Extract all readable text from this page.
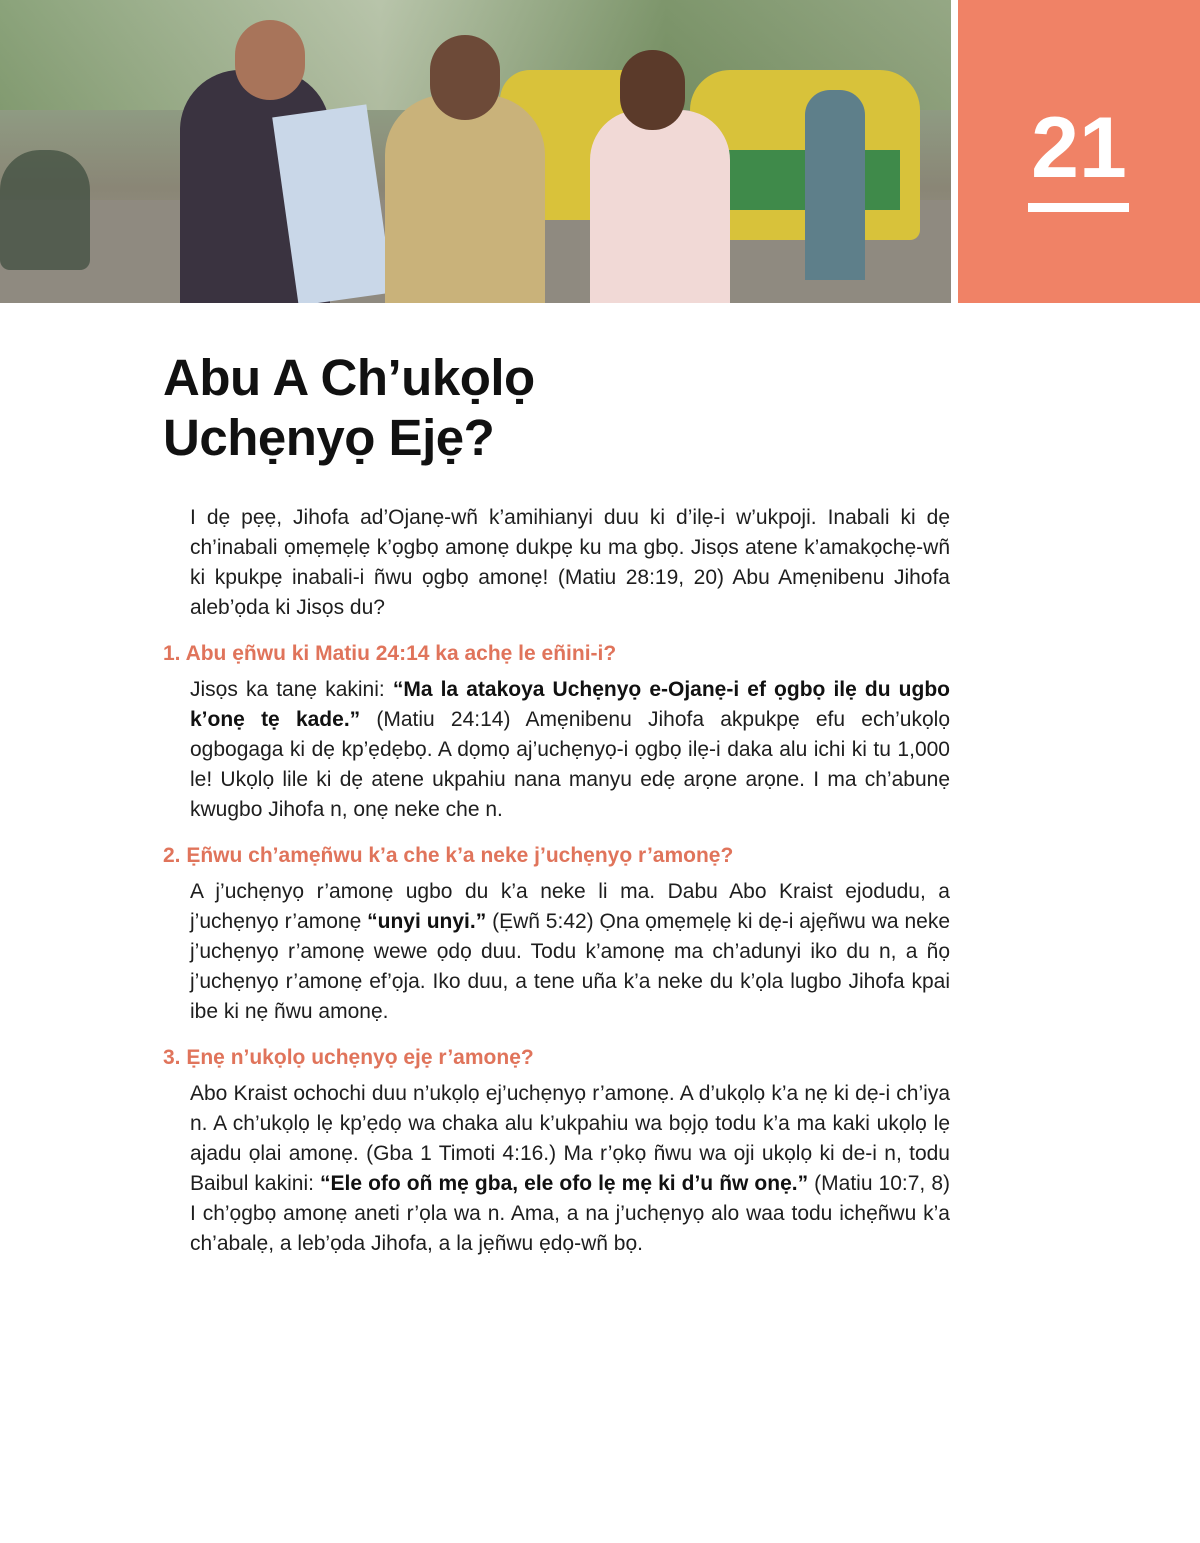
21
Abu A Ch’ukọlọ
Uchẹnyọ Ejẹ?

I dẹ pẹẹ, Jihofa ad’Ojanẹ-wñ k’amihianyi duu ki d’ilẹ-i w’ukpoji. Inabali ki dẹ ch’inabali ọmẹmẹlẹ k’ọgbọ amonẹ dukpẹ ku ma gbọ. Jisọs atene k’amakọchẹ-wñ ki kpukpẹ inabali-i ñwu ọgbọ amonẹ! (Matiu 28:19, 20) Abu Amẹnibenu Jihofa aleb’ọda ki Jisọs du?

1. Abu ẹñwu ki Matiu 24:14 ka achẹ le eñini-i?

Jisọs ka tanẹ kakini: “Ma la atakoya Uchẹnyọ e-Ojanẹ-i ef ọgbọ ilẹ du ugbo k’onẹ tẹ kade.” (Matiu 24:14) Amẹnibenu Jihofa akpukpẹ efu ech’ukọlọ ogbogaga ki dẹ kp’ẹdẹbọ. A dọmọ aj’uchẹnyọ-i ọgbọ ilẹ-i daka alu ichi ki tu 1,000 le! Ukọlọ lile ki dẹ atene ukpahiu nana manyu edẹ arọne arọne. I ma ch’abunẹ kwugbo Jihofa n, onẹ neke che n.

2. Ẹñwu ch’amẹñwu k’a che k’a neke j’uchẹnyọ r’amonẹ?

A j’uchẹnyọ r’amonẹ ugbo du k’a neke li ma. Dabu Abo Kraist ejodudu, a j’uchẹnyọ r’amonẹ “unyi unyi.” (Ẹwñ 5:42) Ọna ọmẹmẹlẹ ki dẹ-i ajẹñwu wa neke j’uchẹnyọ r’amonẹ wewe ọdọ duu. Todu k’amonẹ ma ch’adunyi iko du n, a ñọ j’uchẹnyọ r’amonẹ ef’ọja. Iko duu, a tene uña k’a neke du k’ọla lugbo Jihofa kpai ibe ki nẹ ñwu amonẹ.

3. Ẹnẹ n’ukọlọ uchẹnyọ ejẹ r’amonẹ?

Abo Kraist ochochi duu n’ukọlọ ej’uchẹnyọ r’amonẹ. A d’ukọlọ k’a nẹ ki dẹ-i ch’iya n. A ch’ukọlọ lẹ kp’ẹdọ wa chaka alu k’ukpahiu wa bọjọ todu k’a ma kaki ukọlọ lẹ ajadu ọlai amonẹ. (Gba 1 Timoti 4:16.) Ma r’ọkọ ñwu wa oji ukọlọ ki de-i n, todu Baibul kakini: “Ele ofo oñ mẹ gba, ele ofo lẹ mẹ ki d’u ñw onẹ.” (Matiu 10:7, 8) I ch’ọgbọ amonẹ aneti r’ọla wa n. Ama, a na j’uchẹnyọ alo waa todu ichẹñwu k’a ch’abalẹ, a leb’ọda Jihofa, a la jẹñwu ẹdọ-wñ bọ.
